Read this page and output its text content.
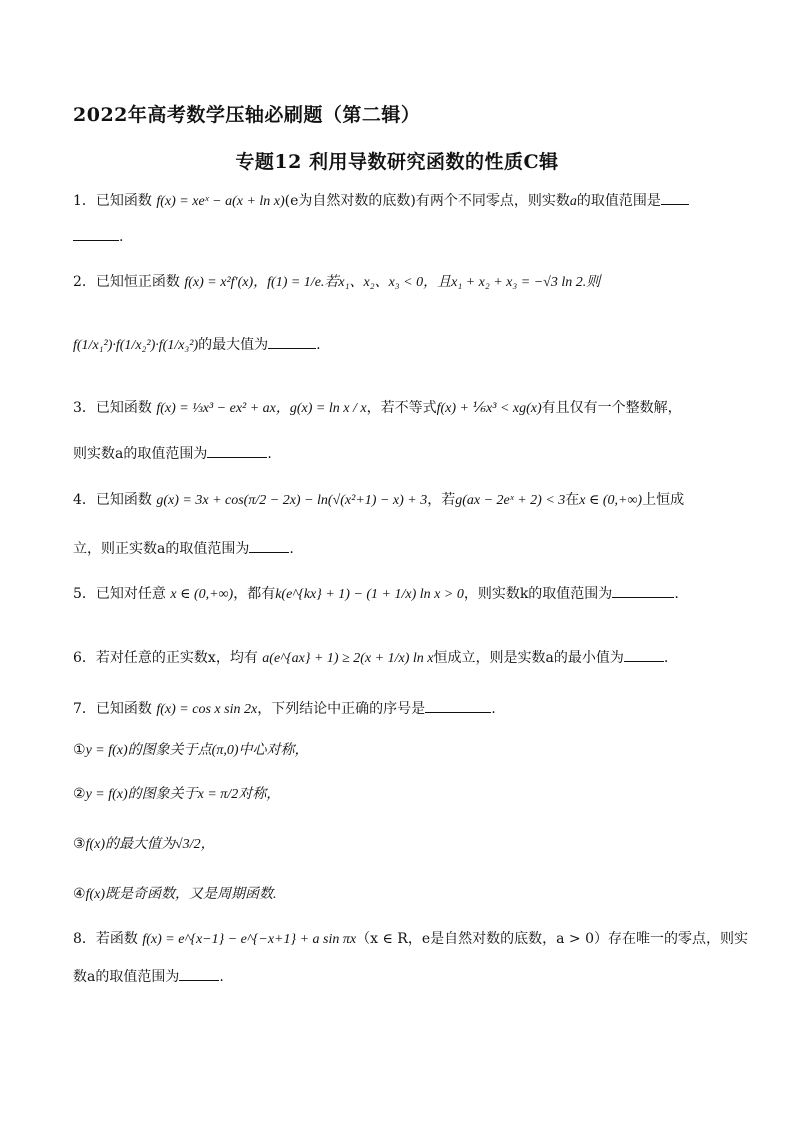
2022年高考数学压轴必刷题（第二辑）
专题12 利用导数研究函数的性质C辑
1．已知函数 f(x) = xeˣ − a(x + ln x)(e为自然对数的底数)有两个不同零点，则实数a的取值范围是
.
2．已知恒正函数 f(x) = x²f′(x)，f(1) = 1/e.若x₁、x₂、x₃ < 0，且x₁ + x₂ + x₃ = −√3 ln 2.则
f(1/x₁²)·f(1/x₂²)·f(1/x₃²)的最大值为	.
3．已知函数 f(x) = ⅓x³ − ex² + ax，g(x) = ln x / x，若不等式f(x) + ⅙x³ < xg(x)有且仅有一个整数解，
则实数a的取值范围为	.
4．已知函数 g(x) = 3x + cos(π/2 − 2x) − ln(√(x²+1) − x) + 3，若g(ax − 2eˣ + 2) < 3在x ∈ (0,+∞)上恒成
立，则正实数a的取值范围为	.
5．已知对任意 x ∈ (0,+∞)，都有k(e^{kx} + 1) − (1 + 1/x) ln x > 0，则实数k的取值范围为	.
6．若对任意的正实数x，均有 a(e^{ax} + 1) ≥ 2(x + 1/x) ln x恒成立，则是实数a的最小值为	.
7．已知函数 f(x) = cos x sin 2x，下列结论中正确的序号是	.
①y = f(x)的图象关于点(π,0)中心对称，
②y = f(x)的图象关于x = π/2对称，
③f(x)的最大值为√3/2，
④f(x)既是奇函数，又是周期函数.
8．若函数 f(x) = e^{x−1} − e^{−x+1} + a sin πx（x ∈ R，e是自然对数的底数，a > 0）存在唯一的零点，则实
数a的取值范围为	.
